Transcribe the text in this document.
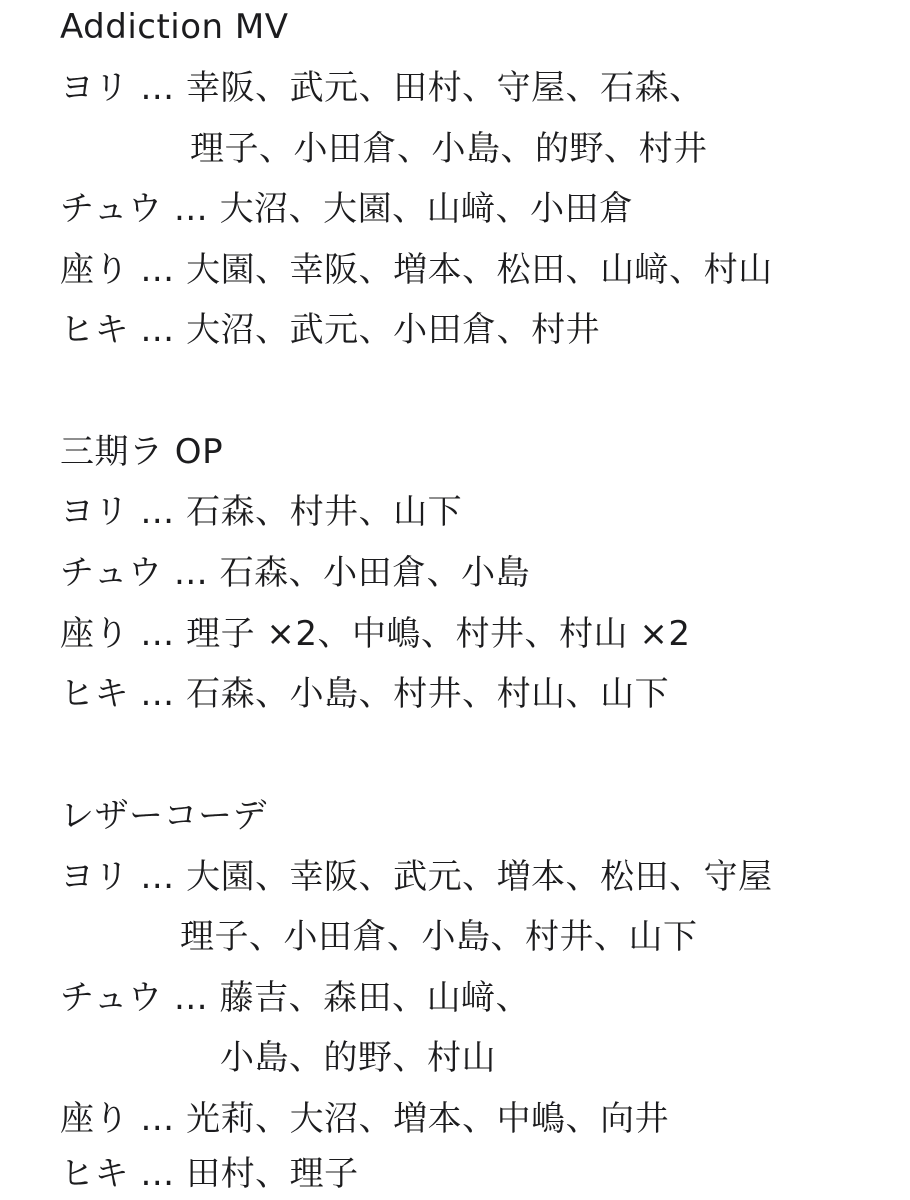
Addiction MV
ヨリ … 幸阪、武元、田村、守屋、石森、
理子、小田倉、小島、的野、村井
チュウ … 大沼、大園、山﨑、小田倉
座り … 大園、幸阪、増本、松田、山﨑、村山
ヒキ … 大沼、武元、小田倉、村井
三期ラ OP
ヨリ … 石森、村井、山下
チュウ … 石森、小田倉、小島
座り … 理子 ×2、中嶋、村井、村山 ×2
ヒキ … 石森、小島、村井、村山、山下
レザーコーデ
ヨリ … 大園、幸阪、武元、増本、松田、守屋
理子、小田倉、小島、村井、山下
チュウ … 藤吉、森田、山﨑、
小島、的野、村山
座り … 光莉、大沼、増本、中嶋、向井
ヒキ … 田村、理子
